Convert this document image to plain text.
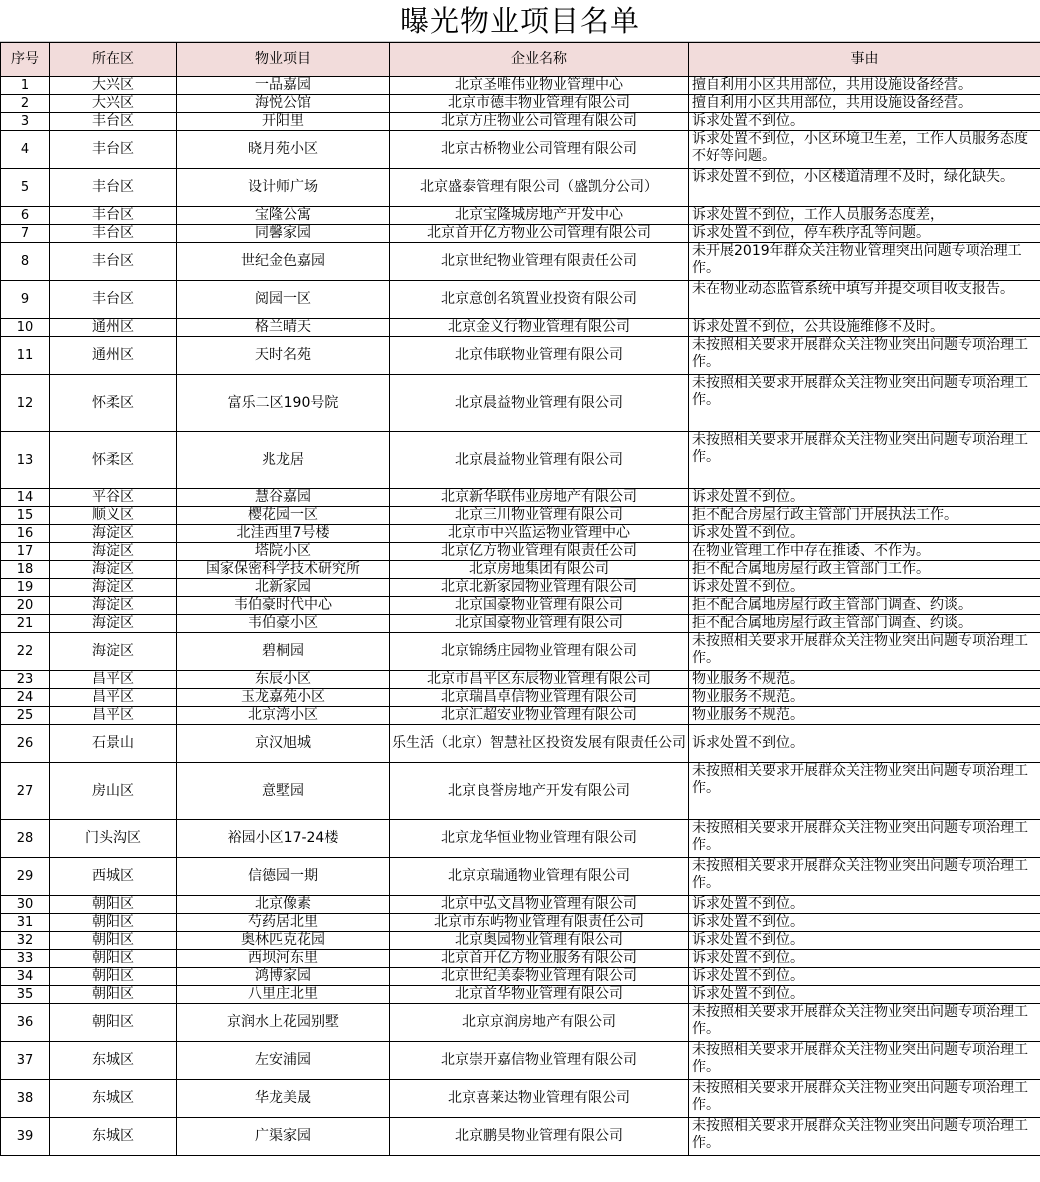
曝光物业项目名单
序号	所在区	物业项目	企业名称	事由
1	大兴区	一品嘉园	北京圣唯伟业物业管理中心	擅自利用小区共用部位，共用设施设备经营。
2	大兴区	海悦公馆	北京市德丰物业管理有限公司	擅自利用小区共用部位，共用设施设备经营。
3	丰台区	开阳里	北京方庄物业公司管理有限公司	诉求处置不到位。
4	丰台区	晓月苑小区	北京古桥物业公司管理有限公司	诉求处置不到位，小区环境卫生差，工作人员服务态度不好等问题。
5	丰台区	设计师广场	北京盛泰管理有限公司（盛凯分公司）	诉求处置不到位，小区楼道清理不及时，绿化缺失。
6	丰台区	宝隆公寓	北京宝隆城房地产开发中心	诉求处置不到位，工作人员服务态度差，
7	丰台区	同馨家园	北京首开亿方物业公司管理有限公司	诉求处置不到位，停车秩序乱等问题。
8	丰台区	世纪金色嘉园	北京世纪物业管理有限责任公司	未开展2019年群众关注物业管理突出问题专项治理工作。
9	丰台区	阅园一区	北京意创名筑置业投资有限公司	未在物业动态监管系统中填写并提交项目收支报告。
10	通州区	格兰晴天	北京金义行物业管理有限公司	诉求处置不到位，公共设施维修不及时。
11	通州区	天时名苑	北京伟联物业管理有限公司	未按照相关要求开展群众关注物业突出问题专项治理工作。
12	怀柔区	富乐二区190号院	北京晨益物业管理有限公司	未按照相关要求开展群众关注物业突出问题专项治理工作。
13	怀柔区	兆龙居	北京晨益物业管理有限公司	未按照相关要求开展群众关注物业突出问题专项治理工作。
14	平谷区	慧谷嘉园	北京新华联伟业房地产有限公司	诉求处置不到位。
15	顺义区	樱花园一区	北京三川物业管理有限公司	拒不配合房屋行政主管部门开展执法工作。
16	海淀区	北洼西里7号楼	北京市中兴监运物业管理中心	诉求处置不到位。
17	海淀区	塔院小区	北京亿方物业管理有限责任公司	在物业管理工作中存在推诿、不作为。
18	海淀区	国家保密科学技术研究所	北京房地集团有限公司	拒不配合属地房屋行政主管部门工作。
19	海淀区	北新家园	北京北新家园物业管理有限公司	诉求处置不到位。
20	海淀区	韦伯豪时代中心	北京国豪物业管理有限公司	拒不配合属地房屋行政主管部门调查、约谈。
21	海淀区	韦伯豪小区	北京国豪物业管理有限公司	拒不配合属地房屋行政主管部门调查、约谈。
22	海淀区	碧桐园	北京锦绣庄园物业管理有限公司	未按照相关要求开展群众关注物业突出问题专项治理工作。
23	昌平区	东辰小区	北京市昌平区东辰物业管理有限公司	物业服务不规范。
24	昌平区	玉龙嘉苑小区	北京瑞昌卓信物业管理有限公司	物业服务不规范。
25	昌平区	北京湾小区	北京汇超安业物业管理有限公司	物业服务不规范。
26	石景山	京汉旭城	乐生活（北京）智慧社区投资发展有限责任公司	诉求处置不到位。
27	房山区	意墅园	北京良誉房地产开发有限公司	未按照相关要求开展群众关注物业突出问题专项治理工作。
28	门头沟区	裕园小区17-24楼	北京龙华恒业物业管理有限公司	未按照相关要求开展群众关注物业突出问题专项治理工作。
29	西城区	信德园一期	北京京瑞通物业管理有限公司	未按照相关要求开展群众关注物业突出问题专项治理工作。
30	朝阳区	北京像素	北京中弘文昌物业管理有限公司	诉求处置不到位。
31	朝阳区	芍药居北里	北京市东屿物业管理有限责任公司	诉求处置不到位。
32	朝阳区	奥林匹克花园	北京奥园物业管理有限公司	诉求处置不到位。
33	朝阳区	西坝河东里	北京首开亿方物业服务有限公司	诉求处置不到位。
34	朝阳区	鸿博家园	北京世纪美泰物业管理有限公司	诉求处置不到位。
35	朝阳区	八里庄北里	北京首华物业管理有限公司	诉求处置不到位。
36	朝阳区	京润水上花园别墅	北京京润房地产有限公司	未按照相关要求开展群众关注物业突出问题专项治理工作。
37	东城区	左安浦园	北京崇开嘉信物业管理有限公司	未按照相关要求开展群众关注物业突出问题专项治理工作。
38	东城区	华龙美晟	北京喜莱达物业管理有限公司	未按照相关要求开展群众关注物业突出问题专项治理工作。
39	东城区	广渠家园	北京鹏昊物业管理有限公司	未按照相关要求开展群众关注物业突出问题专项治理工作。
